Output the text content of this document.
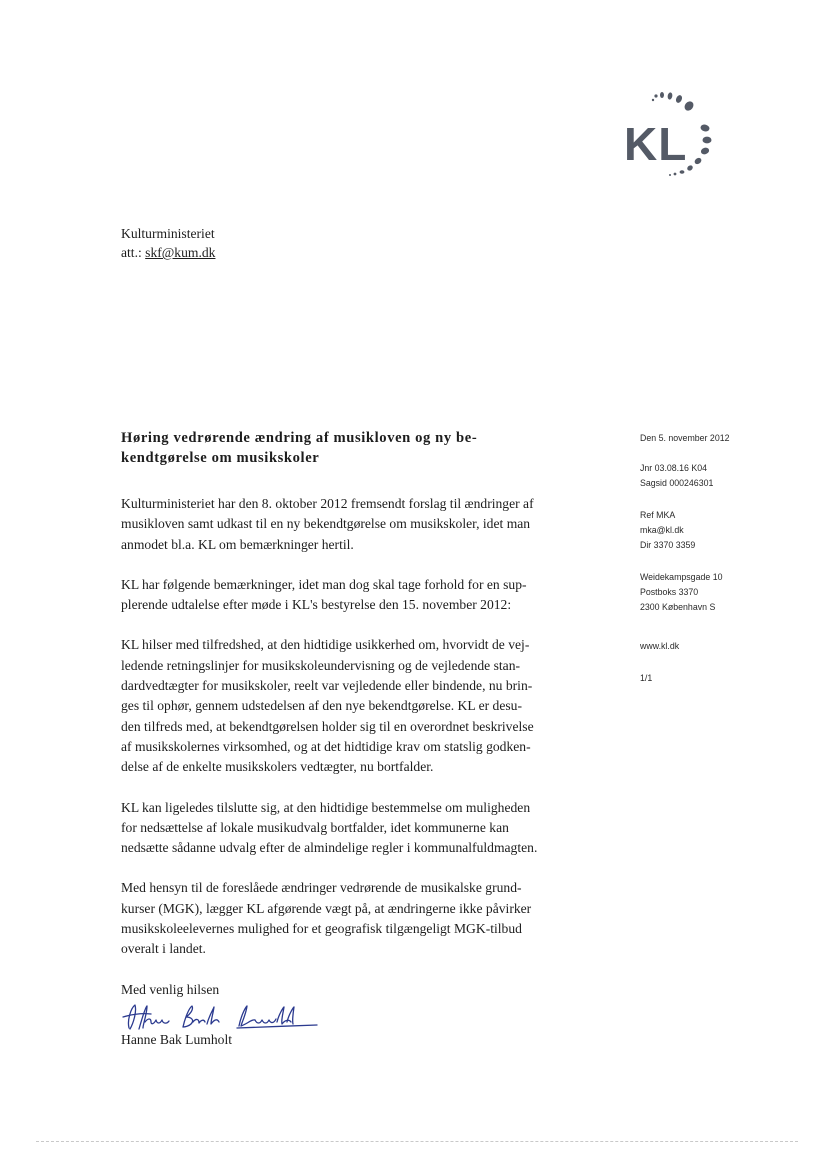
KL
Kulturministeriet
att.: skf@kum.dk
Høring vedrørende ændring af musikloven og ny be-
kendtgørelse om musikskoler

Kulturministeriet har den 8. oktober 2012 fremsendt forslag til ændringer af
musikloven samt udkast til en ny bekendtgørelse om musikskoler, idet man
anmodet bl.a. KL om bemærkninger hertil.

KL har følgende bemærkninger, idet man dog skal tage forhold for en sup-
plerende udtalelse efter møde i KL's bestyrelse den 15. november 2012:

KL hilser med tilfredshed, at den hidtidige usikkerhed om, hvorvidt de vej-
ledende retningslinjer for musikskoleundervisning og de vejledende stan-
dardvedtægter for musikskoler, reelt var vejledende eller bindende, nu brin-
ges til ophør, gennem udstedelsen af den nye bekendtgørelse. KL er desu-
den tilfreds med, at bekendtgørelsen holder sig til en overordnet beskrivelse
af musikskolernes virksomhed, og at det hidtidige krav om statslig godken-
delse af de enkelte musikskolers vedtægter, nu bortfalder.

KL kan ligeledes tilslutte sig, at den hidtidige bestemmelse om muligheden
for nedsættelse af lokale musikudvalg bortfalder, idet kommunerne kan
nedsætte sådanne udvalg efter de almindelige regler i kommunalfuldmagten.

Med hensyn til de foreslåede ændringer vedrørende de musikalske grund-
kurser (MGK), lægger KL afgørende vægt på, at ændringerne ikke påvirker
musikskoleelevernes mulighed for et geografisk tilgængeligt MGK-tilbud
overalt i landet.

Med venlig hilsen
Hanne Bak Lumholt
Den 5. november 2012
Jnr 03.08.16 K04
Sagsid 000246301
Ref MKA
mka@kl.dk
Dir 3370 3359
Weidekampsgade 10
Postboks 3370
2300 København S
www.kl.dk
1/1
